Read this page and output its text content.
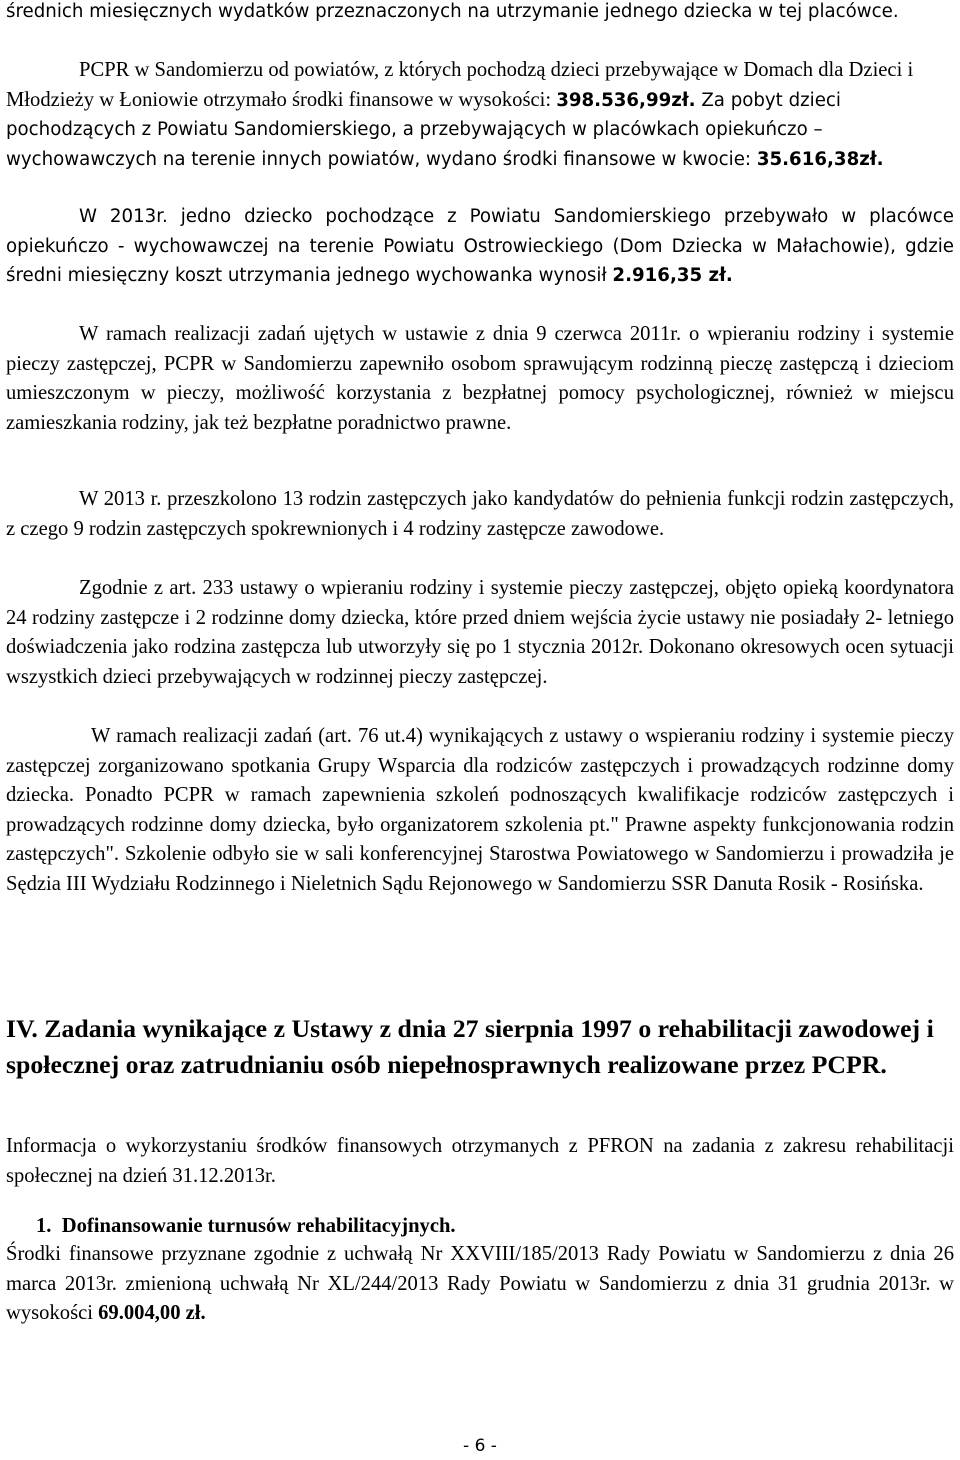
średnich miesięcznych wydatków przeznaczonych na utrzymanie jednego dziecka w tej placówce.

PCPR w Sandomierzu od powiatów, z których pochodzą dzieci przebywające w Domach dla Dzieci i Młodzieży w Łoniowie otrzymało środki finansowe w wysokości: 398.536,99zł. Za pobyt dzieci pochodzących z Powiatu Sandomierskiego, a przebywających w placówkach opiekuńczo – wychowawczych na terenie innych powiatów, wydano środki finansowe w kwocie: 35.616,38zł.

W 2013r. jedno dziecko pochodzące z Powiatu Sandomierskiego przebywało w placówce opiekuńczo - wychowawczej na terenie Powiatu Ostrowieckiego (Dom Dziecka w Małachowie), gdzie średni miesięczny koszt utrzymania jednego wychowanka wynosił 2.916,35 zł.

W ramach realizacji zadań ujętych w ustawie z dnia 9 czerwca 2011r. o wpieraniu rodziny i systemie pieczy zastępczej, PCPR w Sandomierzu zapewniło osobom sprawującym rodzinną pieczę zastępczą i dzieciom umieszczonym w pieczy, możliwość korzystania z bezpłatnej pomocy psychologicznej, również w miejscu zamieszkania rodziny, jak też bezpłatne poradnictwo prawne.

W 2013 r. przeszkolono 13 rodzin zastępczych jako kandydatów do pełnienia funkcji rodzin zastępczych, z czego 9 rodzin zastępczych spokrewnionych i 4 rodziny zastępcze zawodowe.

Zgodnie z art. 233 ustawy o wpieraniu rodziny i systemie pieczy zastępczej, objęto opieką koordynatora 24 rodziny zastępcze i 2 rodzinne domy dziecka, które przed dniem wejścia życie ustawy nie posiadały 2- letniego doświadczenia jako rodzina zastępcza lub utworzyły się po 1 stycznia 2012r. Dokonano okresowych ocen sytuacji wszystkich dzieci przebywających w rodzinnej pieczy zastępczej.

W ramach realizacji zadań (art. 76 ut.4) wynikających z ustawy o wspieraniu rodziny i systemie pieczy zastępczej zorganizowano spotkania Grupy Wsparcia dla rodziców zastępczych i prowadzących rodzinne domy dziecka. Ponadto PCPR w ramach zapewnienia szkoleń podnoszących kwalifikacje rodziców zastępczych i prowadzących rodzinne domy dziecka, było organizatorem szkolenia pt." Prawne aspekty funkcjonowania rodzin zastępczych". Szkolenie odbyło sie w sali konferencyjnej Starostwa Powiatowego w Sandomierzu i prowadziła je Sędzia III Wydziału Rodzinnego i Nieletnich Sądu Rejonowego w Sandomierzu SSR Danuta Rosik - Rosińska.

IV. Zadania wynikające z Ustawy z dnia 27 sierpnia 1997 o rehabilitacji zawodowej i społecznej oraz zatrudnianiu osób niepełnosprawnych realizowane przez PCPR.

Informacja o wykorzystaniu środków finansowych otrzymanych z PFRON na zadania z zakresu rehabilitacji społecznej na dzień 31.12.2013r.

1. Dofinansowanie turnusów rehabilitacyjnych.

Środki finansowe przyznane zgodnie z uchwałą Nr XXVIII/185/2013 Rady Powiatu w Sandomierzu z dnia 26 marca 2013r. zmienioną uchwałą Nr XL/244/2013 Rady Powiatu w Sandomierzu z dnia 31 grudnia 2013r. w wysokości 69.004,00 zł.

- 6 -
